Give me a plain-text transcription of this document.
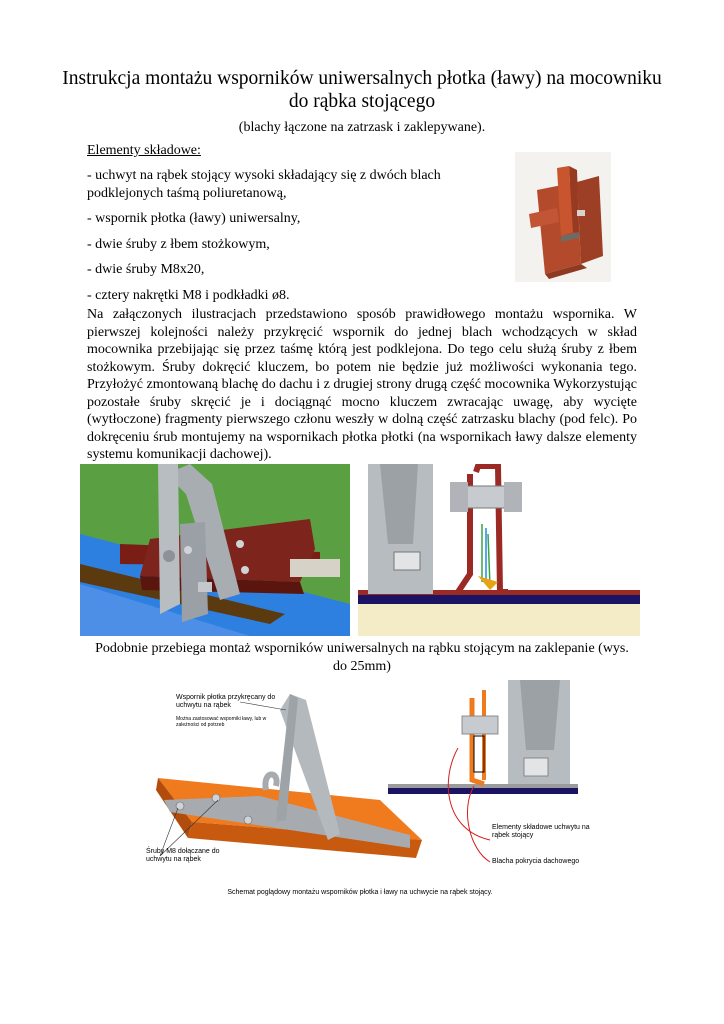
Instrukcja montażu wsporników uniwersalnych płotka (ławy) na mocowniku do rąbka stojącego
(blachy łączone na zatrzask i zaklepywane).
Elementy składowe:
- uchwyt na rąbek stojący wysoki składający się z dwóch blach podklejonych taśmą poliuretanową,
- wspornik płotka (ławy) uniwersalny,
- dwie śruby z łbem stożkowym,
- dwie śruby M8x20,
- cztery nakrętki M8 i podkładki ø8.

Na załączonych ilustracjach przedstawiono sposób prawidłowego montażu wspornika. W pierwszej kolejności należy przykręcić wspornik do jednej blach wchodzących w skład mocownika przebijając się przez taśmę którą jest podklejona. Do tego celu służą śruby z łbem stożkowym. Śruby dokręcić kluczem, bo potem nie będzie już możliwości wykonania tego. Przyłożyć zmontowaną blachę do dachu i z drugiej strony drugą część mocownika Wykorzystując pozostałe śruby skręcić je i dociągnąć mocno kluczem zwracając uwagę, aby wycięte (wytłoczone) fragmenty pierwszego członu weszły w dolną część zatrzasku blachy (pod felc). Po dokręceniu śrub montujemy na wspornikach płotka płotki (na wspornikach ławy dalsze elementy systemu komunikacji dachowej).

Podobnie przebiega montaż wsporników uniwersalnych na rąbku stojącym na zaklepanie (wys. do 25mm)
Wspornik płotka przykręcany do uchwytu na rąbek
Można zastosować wsporniki ławy, lub w zależności od potrzeb
Śruby M8 dołączane do uchwytu na rąbek
Elementy składowe uchwytu na rąbek stojący
Blacha pokrycia dachowego
Schemat poglądowy montażu wsporników płotka i ławy na uchwycie na rąbek stojący.
